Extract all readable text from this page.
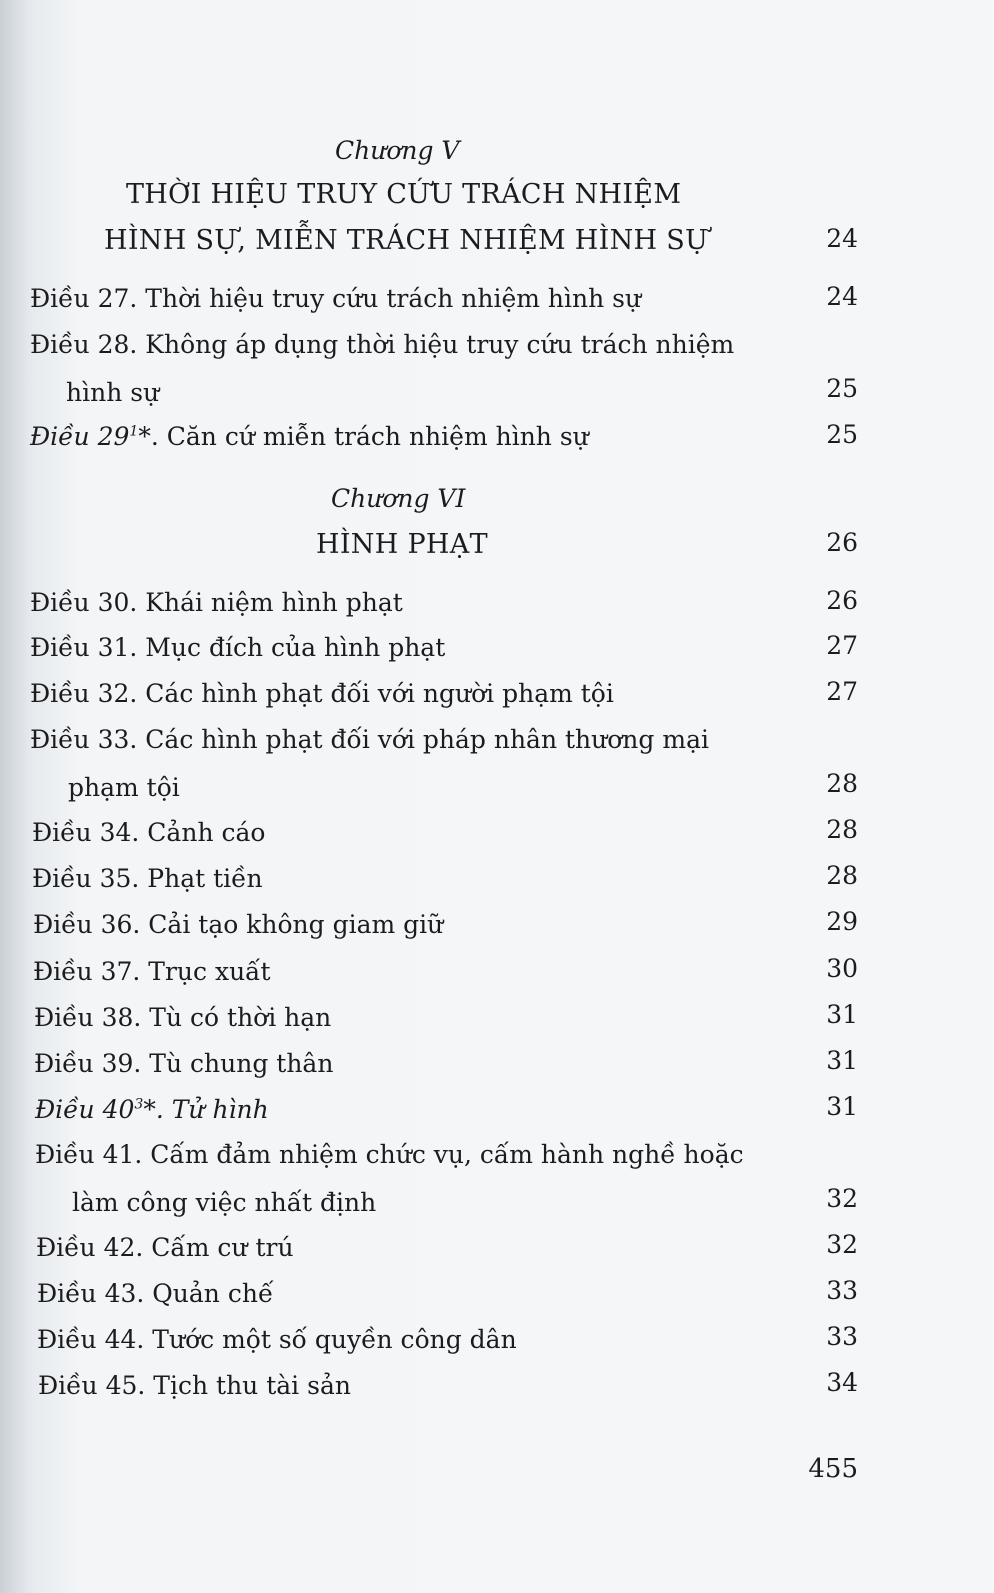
Chương V
THỜI HIỆU TRUY CỨU TRÁCH NHIỆM
HÌNH SỰ, MIỄN TRÁCH NHIỆM HÌNH SỰ	24
Điều 27. Thời hiệu truy cứu trách nhiệm hình sự	24
Điều 28. Không áp dụng thời hiệu truy cứu trách nhiệm
hình sự	25
Điều $29^1*$. Căn cứ miễn trách nhiệm hình sự	25
Chương VI
HÌNH PHẠT	26
Điều 30. Khái niệm hình phạt	26
Điều 31. Mục đích của hình phạt	27
Điều 32. Các hình phạt đối với người phạm tội	27
Điều 33. Các hình phạt đối với pháp nhân thương mại
phạm tội	28
Điều 34. Cảnh cáo	28
Điều 35. Phạt tiền	28
Điều 36. Cải tạo không giam giữ	29
Điều 37. Trục xuất	30
Điều 38. Tù có thời hạn	31
Điều 39. Tù chung thân	31
Điều $40^3*$. Tử hình	31
Điều 41. Cấm đảm nhiệm chức vụ, cấm hành nghề hoặc
làm công việc nhất định	32
Điều 42. Cấm cư trú	32
Điều 43. Quản chế	33
Điều 44. Tước một số quyền công dân	33
Điều 45. Tịch thu tài sản	34
455
